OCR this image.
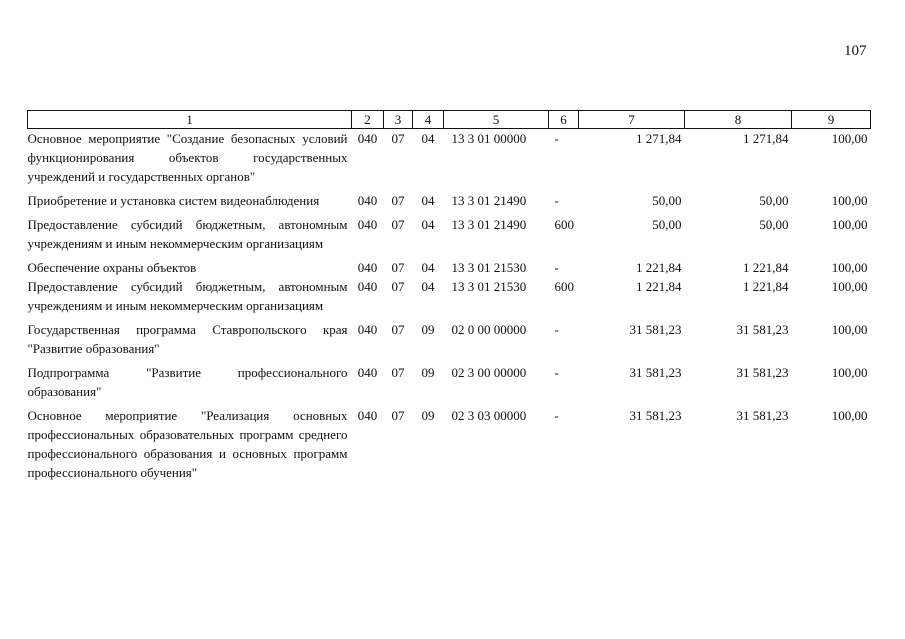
107
1	2	3	4	5	6	7	8	9
Основное мероприятие "Создание безопасных условий функционирования объектов государственных учреждений и государственных органов"	040	07	04	13 3 01 00000	-	1 271,84	1 271,84	100,00
Приобретение и установка систем видеонаблюдения	040	07	04	13 3 01 21490	-	50,00	50,00	100,00
Предоставление субсидий бюджетным, автономным учреждениям и иным некоммерческим организациям	040	07	04	13 3 01 21490	600	50,00	50,00	100,00
Обеспечение охраны объектов	040	07	04	13 3 01 21530	-	1 221,84	1 221,84	100,00
Предоставление субсидий бюджетным, автономным учреждениям и иным некоммерческим организациям	040	07	04	13 3 01 21530	600	1 221,84	1 221,84	100,00
Государственная программа Ставропольского края "Развитие образования"	040	07	09	02 0 00 00000	-	31 581,23	31 581,23	100,00
Подпрограмма "Развитие профессионального образования"	040	07	09	02 3 00 00000	-	31 581,23	31 581,23	100,00
Основное мероприятие "Реализация основных профессиональных образовательных программ среднего профессионального образования и основных программ профессионального обучения"	040	07	09	02 3 03 00000	-	31 581,23	31 581,23	100,00
